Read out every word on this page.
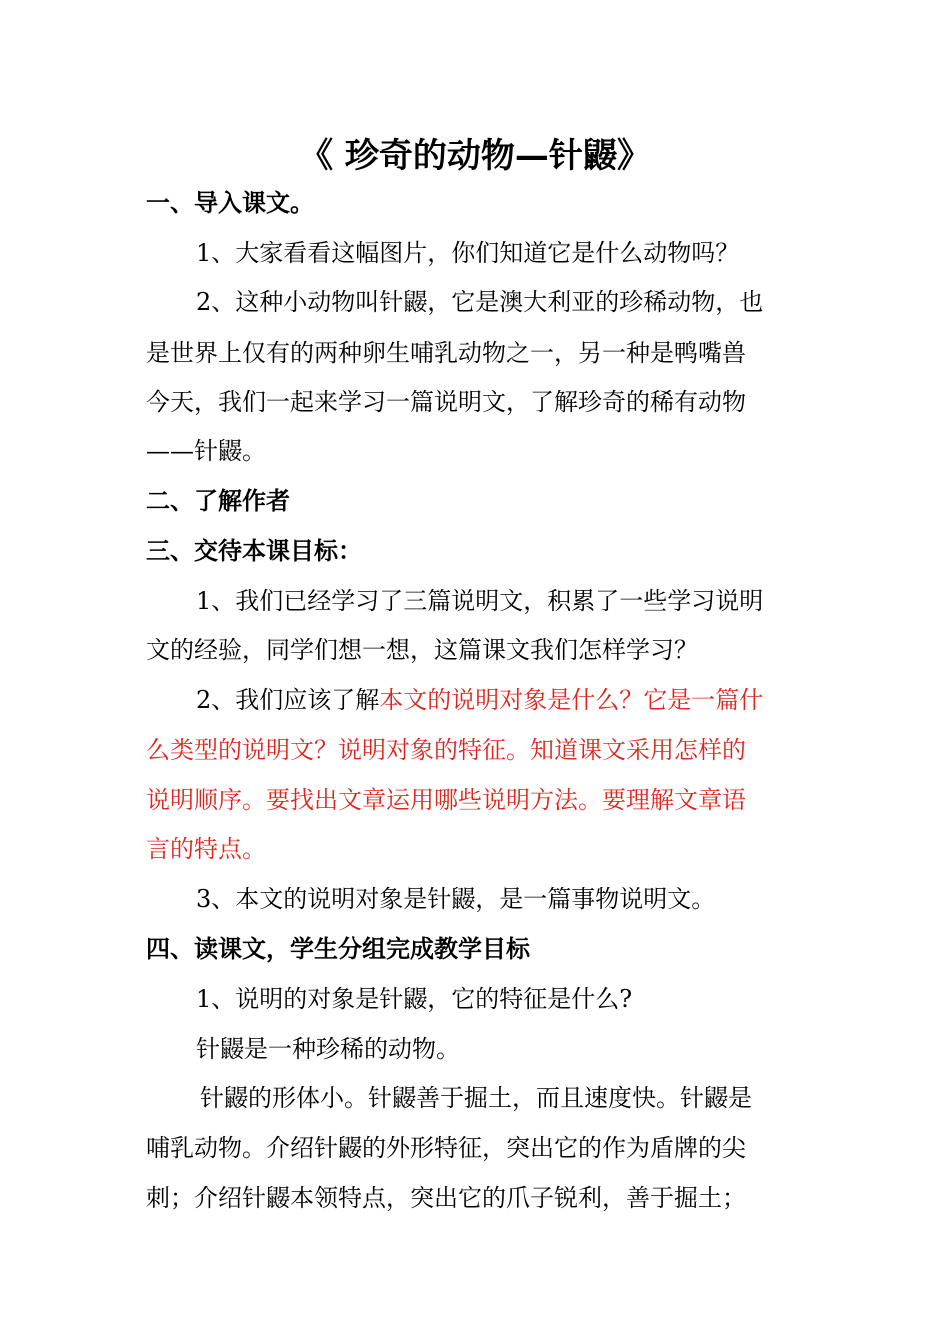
《 珍奇的动物—针鼹》
一、导入课文。
1、大家看看这幅图片，你们知道它是什么动物吗？
2、这种小动物叫针鼹，它是澳大利亚的珍稀动物，也
是世界上仅有的两种卵生哺乳动物之一，另一种是鸭嘴兽
今天，我们一起来学习一篇说明文，了解珍奇的稀有动物
——针鼹。
二、了解作者
三、交待本课目标：
1、我们已经学习了三篇说明文，积累了一些学习说明
文的经验，同学们想一想，这篇课文我们怎样学习？
2、我们应该了解本文的说明对象是什么？它是一篇什
么类型的说明文？说明对象的特征。知道课文采用怎样的
说明顺序。要找出文章运用哪些说明方法。要理解文章语
言的特点。
3、本文的说明对象是针鼹，是一篇事物说明文。
四、读课文，学生分组完成教学目标
1、说明的对象是针鼹，它的特征是什么?
针鼹是一种珍稀的动物。
针鼹的形体小。针鼹善于掘土，而且速度快。针鼹是
哺乳动物。介绍针鼹的外形特征，突出它的作为盾牌的尖
刺；介绍针鼹本领特点，突出它的爪子锐利，善于掘土；
